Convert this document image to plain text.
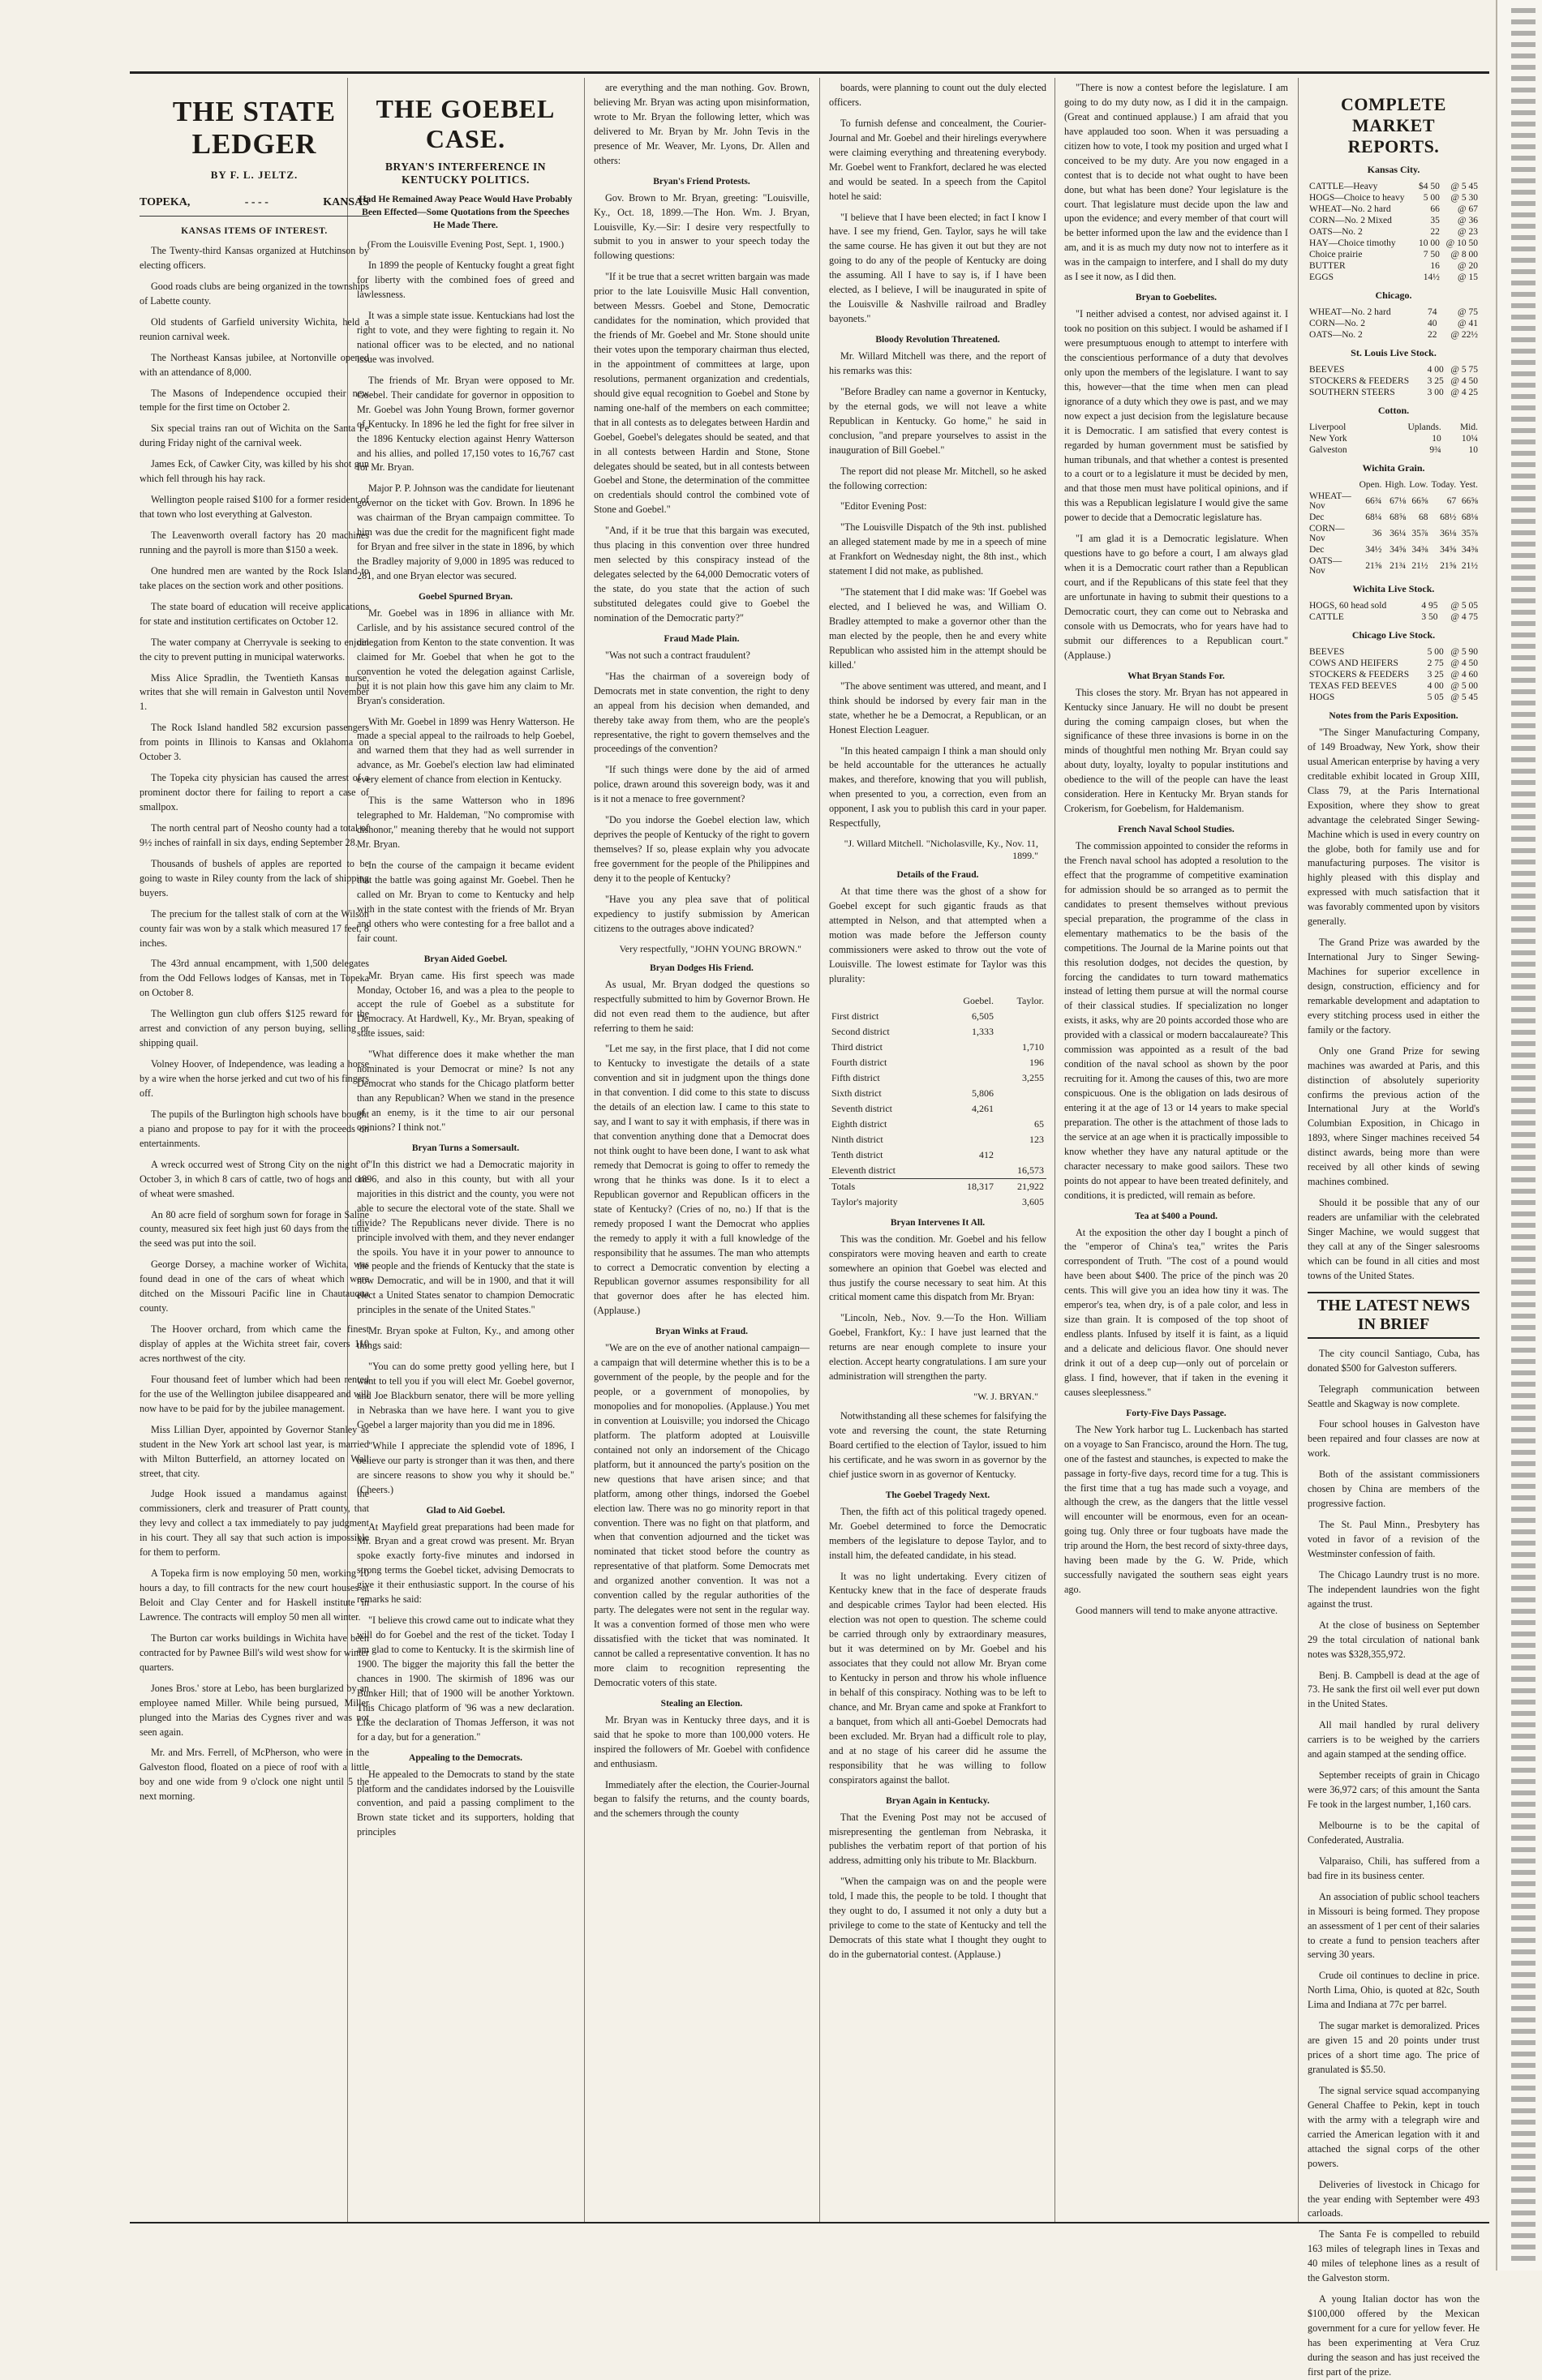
THE STATE LEDGER
BY F. L. JELTZ.
TOPEKA,	- - - -	KANSAS
KANSAS ITEMS OF INTEREST.

The Twenty-third Kansas organized at Hutchinson by electing officers.

Good roads clubs are being organized in the townships of Labette county.

Old students of Garfield university Wichita, held a reunion carnival week.

The Northeast Kansas jubilee, at Nortonville opened with an attendance of 8,000.

The Masons of Independence occupied their new temple for the first time on October 2.

Six special trains ran out of Wichita on the Santa Fe during Friday night of the carnival week.

James Eck, of Cawker City, was killed by his shot gun which fell through his hay rack.

Wellington people raised $100 for a former resident of that town who lost everything at Galveston.

The Leavenworth overall factory has 20 machines running and the payroll is more than $150 a week.

One hundred men are wanted by the Rock Island to take places on the section work and other positions.

The state board of education will receive applications for state and institution certificates on October 12.

The water company at Cherryvale is seeking to enjoin the city to prevent putting in municipal waterworks.

Miss Alice Spradlin, the Twentieth Kansas nurse, writes that she will remain in Galveston until November 1.

The Rock Island handled 582 excursion passengers from points in Illinois to Kansas and Oklahoma on October 3.

The Topeka city physician has caused the arrest of a prominent doctor there for failing to report a case of smallpox.

The north central part of Neosho county had a total of 9½ inches of rainfall in six days, ending September 28.

Thousands of bushels of apples are reported to be going to waste in Riley county from the lack of shipping buyers.

The precium for the tallest stalk of corn at the Wilson county fair was won by a stalk which measured 17 feet, 8 inches.

The 43rd annual encampment, with 1,500 delegates from the Odd Fellows lodges of Kansas, met in Topeka on October 8.

The Wellington gun club offers $125 reward for the arrest and conviction of any person buying, selling or shipping quail.

Volney Hoover, of Independence, was leading a horse by a wire when the horse jerked and cut two of his fingers off.

The pupils of the Burlington high schools have bought a piano and propose to pay for it with the proceeds on entertainments.

A wreck occurred west of Strong City on the night of October 3, in which 8 cars of cattle, two of hogs and one of wheat were smashed.

An 80 acre field of sorghum sown for forage in Saline county, measured six feet high just 60 days from the time the seed was put into the soil.

George Dorsey, a machine worker of Wichita, was found dead in one of the cars of wheat which were ditched on the Missouri Pacific line in Chautauqua county.

The Hoover orchard, from which came the finest display of apples at the Wichita street fair, covers 110 acres northwest of the city.

Four thousand feet of lumber which had been rented for the use of the Wellington jubilee disappeared and will now have to be paid for by the jubilee management.

Miss Lillian Dyer, appointed by Governor Stanley as student in the New York art school last year, is married with Milton Butterfield, an attorney located on Wall street, that city.

Judge Hook issued a mandamus against the commissioners, clerk and treasurer of Pratt county, that they levy and collect a tax immediately to pay judgment in his court. They all say that such action is impossible for them to perform.

A Topeka firm is now employing 50 men, working 10 hours a day, to fill contracts for the new court houses at Beloit and Clay Center and for Haskell institute in Lawrence. The contracts will employ 50 men all winter.

The Burton car works buildings in Wichita have been contracted for by Pawnee Bill's wild west show for winter quarters.

Jones Bros.' store at Lebo, has been burglarized by an employee named Miller. While being pursued, Miller plunged into the Marias des Cygnes river and was not seen again.

Mr. and Mrs. Ferrell, of McPherson, who were in the Galveston flood, floated on a piece of roof with a little boy and one wide from 9 o'clock one night until 5 the next morning.

THE GOEBEL CASE.
BRYAN'S INTERFERENCE IN KENTUCKY POLITICS.
Had He Remained Away Peace Would Have Probably Been Effected—Some Quotations from the Speeches He Made There.
(From the Louisville Evening Post, Sept. 1, 1900.)

In 1899 the people of Kentucky fought a great fight for liberty with the combined foes of greed and lawlessness.

It was a simple state issue. Kentuckians had lost the right to vote, and they were fighting to regain it. No national officer was to be elected, and no national issue was involved.

The friends of Mr. Bryan were opposed to Mr. Goebel. Their candidate for governor in opposition to Mr. Goebel was John Young Brown, former governor of Kentucky. In 1896 he led the fight for free silver in the 1896 Kentucky election against Henry Watterson and his allies, and polled 17,150 votes to 16,767 cast for Mr. Bryan.

Major P. P. Johnson was the candidate for lieutenant governor on the ticket with Gov. Brown. In 1896 he was chairman of the Bryan campaign committee. To him was due the credit for the magnificent fight made for Bryan and free silver in the state in 1896, by which the Bradley majority of 9,000 in 1895 was reduced to 281, and one Bryan elector was secured.

Goebel Spurned Bryan.

Mr. Goebel was in 1896 in alliance with Mr. Carlisle, and by his assistance secured control of the delegation from Kenton to the state convention. It was claimed for Mr. Goebel that when he got to the convention he voted the delegation against Carlisle, but it is not plain how this gave him any claim to Mr. Bryan's consideration.

With Mr. Goebel in 1899 was Henry Watterson. He made a special appeal to the railroads to help Goebel, and warned them that they had as well surrender in advance, as Mr. Goebel's election law had eliminated every element of chance from election in Kentucky.

This is the same Watterson who in 1896 telegraphed to Mr. Haldeman, "No compromise with dishonor," meaning thereby that he would not support Mr. Bryan.

In the course of the campaign it became evident that the battle was going against Mr. Goebel. Then he called on Mr. Bryan to come to Kentucky and help with in the state contest with the friends of Mr. Bryan and others who were contesting for a free ballot and a fair count.

Bryan Aided Goebel.

Mr. Bryan came. His first speech was made Monday, October 16, and was a plea to the people to accept the rule of Goebel as a substitute for Democracy. At Hardwell, Ky., Mr. Bryan, speaking of state issues, said:

"What difference does it make whether the man nominated is your Democrat or mine? Is not any Democrat who stands for the Chicago platform better than any Republican? When we stand in the presence of an enemy, is it the time to air our personal opinions? I think not."

Bryan Turns a Somersault.

"In this district we had a Democratic majority in 1896, and also in this county, but with all your majorities in this district and the county, you were not able to secure the electoral vote of the state. Shall we divide? The Republicans never divide. There is no principle involved with them, and they never endanger the spoils. You have it in your power to announce to the people and the friends of Kentucky that the state is now Democratic, and will be in 1900, and that it will elect a United States senator to champion Democratic principles in the senate of the United States."

Mr. Bryan spoke at Fulton, Ky., and among other things said:

"You can do some pretty good yelling here, but I want to tell you if you will elect Mr. Goebel governor, and Joe Blackburn senator, there will be more yelling in Nebraska than we have here. I want you to give Goebel a larger majority than you did me in 1896.

"While I appreciate the splendid vote of 1896, I believe our party is stronger than it was then, and there are sincere reasons to show you why it should be." (Cheers.)

Glad to Aid Goebel.

At Mayfield great preparations had been made for Mr. Bryan and a great crowd was present. Mr. Bryan spoke exactly forty-five minutes and indorsed in strong terms the Goebel ticket, advising Democrats to give it their enthusiastic support. In the course of his remarks he said:

"I believe this crowd came out to indicate what they will do for Goebel and the rest of the ticket. Today I am glad to come to Kentucky. It is the skirmish line of 1900. The bigger the majority this fall the better the chances in 1900. The skirmish of 1896 was our Bunker Hill; that of 1900 will be another Yorktown. This Chicago platform of '96 was a new declaration. Like the declaration of Thomas Jefferson, it was not for a day, but for a generation."

Appealing to the Democrats.

He appealed to the Democrats to stand by the state platform and the candidates indorsed by the Louisville convention, and paid a passing compliment to the Brown state ticket and its supporters, holding that principles

are everything and the man nothing. Gov. Brown, believing Mr. Bryan was acting upon misinformation, wrote to Mr. Bryan the following letter, which was delivered to Mr. Bryan by Mr. John Tevis in the presence of Mr. Weaver, Mr. Lyons, Dr. Allen and others:

Bryan's Friend Protests.

Gov. Brown to Mr. Bryan, greeting: "Louisville, Ky., Oct. 18, 1899.—The Hon. Wm. J. Bryan, Louisville, Ky.—Sir: I desire very respectfully to submit to you in answer to your speech today the following questions:

"If it be true that a secret written bargain was made prior to the late Louisville Music Hall convention, between Messrs. Goebel and Stone, Democratic candidates for the nomination, which provided that the friends of Mr. Goebel and Mr. Stone should unite their votes upon the temporary chairman thus elected, in the appointment of committees at large, upon resolutions, permanent organization and credentials, should give equal recognition to Goebel and Stone by naming one-half of the members on each committee; that in all contests as to delegates between Hardin and Goebel, Goebel's delegates should be seated, and that in all contests between Hardin and Stone, Stone delegates should be seated, but in all contests between Goebel and Stone, the determination of the committee on credentials should control the combined vote of Stone and Goebel."

"And, if it be true that this bargain was executed, thus placing in this convention over three hundred men selected by this conspiracy instead of the delegates selected by the 64,000 Democratic voters of the state, do you state that the action of such substituted delegates could give to Goebel the nomination of the Democratic party?"

Fraud Made Plain.

"Was not such a contract fraudulent?

"Has the chairman of a sovereign body of Democrats met in state convention, the right to deny an appeal from his decision when demanded, and thereby take away from them, who are the people's representative, the right to govern themselves and the proceedings of the convention?

"If such things were done by the aid of armed police, drawn around this sovereign body, was it and is it not a menace to free government?

"Do you indorse the Goebel election law, which deprives the people of Kentucky of the right to govern themselves? If so, please explain why you advocate free government for the people of the Philippines and deny it to the people of Kentucky?

"Have you any plea save that of political expediency to justify submission by American citizens to the outrages above indicated?

Very respectfully, "JOHN YOUNG BROWN."
Bryan Dodges His Friend.

As usual, Mr. Bryan dodged the questions so respectfully submitted to him by Governor Brown. He did not even read them to the audience, but after referring to them he said:

"Let me say, in the first place, that I did not come to Kentucky to investigate the details of a state convention and sit in judgment upon the things done in that convention. I did come to this state to discuss the details of an election law. I came to this state to say, and I want to say it with emphasis, if there was in that convention anything done that a Democrat does not think ought to have been done, I want to ask what remedy that Democrat is going to offer to remedy the wrong that he thinks was done. Is it to elect a Republican governor and Republican officers in the state of Kentucky? (Cries of no, no.) If that is the remedy proposed I want the Democrat who applies the remedy to apply it with a full knowledge of the responsibility that he assumes. The man who attempts to correct a Democratic convention by electing a Republican governor assumes responsibility for all that governor does after he has elected him. (Applause.)

Bryan Winks at Fraud.

"We are on the eve of another national campaign—a campaign that will determine whether this is to be a government of the people, by the people and for the people, or a government of monopolies, by monopolies and for monopolies. (Applause.) You met in convention at Louisville; you indorsed the Chicago platform. The platform adopted at Louisville contained not only an indorsement of the Chicago platform, but it announced the party's position on the new questions that have arisen since; and that platform, among other things, indorsed the Goebel election law. There was no go minority report in that convention. There was no fight on that platform, and when that convention adjourned and the ticket was nominated that ticket stood before the country as representative of that platform. Some Democrats met and organized another convention. It was not a convention called by the regular authorities of the party. The delegates were not sent in the regular way. It was a convention formed of those men who were dissatisfied with the ticket that was nominated. It cannot be called a representative convention. It has no more claim to recognition representing the Democratic voters of this state.

Stealing an Election.

Mr. Bryan was in Kentucky three days, and it is said that he spoke to more than 100,000 voters. He inspired the followers of Mr. Goebel with confidence and enthusiasm.

Immediately after the election, the Courier-Journal began to falsify the returns, and the county boards, and the schemers through the county

boards, were planning to count out the duly elected officers.

To furnish defense and concealment, the Courier-Journal and Mr. Goebel and their hirelings everywhere were claiming everything and threatening everybody. Mr. Goebel went to Frankfort, declared he was elected and would be seated. In a speech from the Capitol hotel he said:

"I believe that I have been elected; in fact I know I have. I see my friend, Gen. Taylor, says he will take the same course. He has given it out but they are not going to do any of the people of Kentucky are doing the assuming. All I have to say is, if I have been elected, as I believe, I will be inaugurated in spite of the Louisville & Nashville railroad and Bradley bayonets."

Bloody Revolution Threatened.

Mr. Willard Mitchell was there, and the report of his remarks was this:

"Before Bradley can name a governor in Kentucky, by the eternal gods, we will not leave a white Republican in Kentucky. Go home," he said in conclusion, "and prepare yourselves to assist in the inauguration of Bill Goebel."

The report did not please Mr. Mitchell, so he asked the following correction:

"Editor Evening Post:

"The Louisville Dispatch of the 9th inst. published an alleged statement made by me in a speech of mine at Frankfort on Wednesday night, the 8th inst., which statement I did not make, as published.

"The statement that I did make was: 'If Goebel was elected, and I believed he was, and William O. Bradley attempted to make a governor other than the man elected by the people, then he and every white Republican who assisted him in the attempt should be killed.'

"The above sentiment was uttered, and meant, and I think should be indorsed by every fair man in the state, whether he be a Democrat, a Republican, or an Honest Election Leaguer.

"In this heated campaign I think a man should only be held accountable for the utterances he actually makes, and therefore, knowing that you will publish, when presented to you, a correction, even from an opponent, I ask you to publish this card in your paper. Respectfully,

"J. Willard Mitchell. "Nicholasville, Ky., Nov. 11, 1899."
Details of the Fraud.

At that time there was the ghost of a show for Goebel except for such gigantic frauds as that attempted in Nelson, and that attempted when a motion was made before the Jefferson county commissioners were asked to throw out the vote of Louisville. The lowest estimate for Taylor was this plurality:

	Goebel.	Taylor.
First district	6,505	
Second district	1,333	
Third district		1,710
Fourth district		196
Fifth district		3,255
Sixth district	5,806	
Seventh district	4,261	
Eighth district		65
Ninth district		123
Tenth district	412	
Eleventh district		16,573
Totals	18,317	21,922
Taylor's majority		3,605
Bryan Intervenes It All.

This was the condition. Mr. Goebel and his fellow conspirators were moving heaven and earth to create somewhere an opinion that Goebel was elected and thus justify the course necessary to seat him. At this critical moment came this dispatch from Mr. Bryan:

"Lincoln, Neb., Nov. 9.—To the Hon. William Goebel, Frankfort, Ky.: I have just learned that the returns are near enough complete to insure your election. Accept hearty congratulations. I am sure your administration will strengthen the party.

"W. J. BRYAN."

Notwithstanding all these schemes for falsifying the vote and reversing the count, the state Returning Board certified to the election of Taylor, issued to him his certificate, and he was sworn in as governor by the chief justice sworn in as governor of Kentucky.

The Goebel Tragedy Next.

Then, the fifth act of this political tragedy opened. Mr. Goebel determined to force the Democratic members of the legislature to depose Taylor, and to install him, the defeated candidate, in his stead.

It was no light undertaking. Every citizen of Kentucky knew that in the face of desperate frauds and despicable crimes Taylor had been elected. His election was not open to question. The scheme could be carried through only by extraordinary measures, but it was determined on by Mr. Goebel and his associates that they could not allow Mr. Bryan come to Kentucky in person and throw his whole influence in behalf of this conspiracy. Nothing was to be left to chance, and Mr. Bryan came and spoke at Frankfort to a banquet, from which all anti-Goebel Democrats had been excluded. Mr. Bryan had a difficult role to play, and at no stage of his career did he assume the responsibility that he was willing to follow conspirators against the ballot.

Bryan Again in Kentucky.

That the Evening Post may not be accused of misrepresenting the gentleman from Nebraska, it publishes the verbatim report of that portion of his address, admitting only his tribute to Mr. Blackburn.

"When the campaign was on and the people were told, I made this, the people to be told. I thought that they ought to do, I assumed it not only a duty but a privilege to come to the state of Kentucky and tell the Democrats of this state what I thought they ought to do in the gubernatorial contest. (Applause.)

"There is now a contest before the legislature. I am going to do my duty now, as I did it in the campaign. (Great and continued applause.) I am afraid that you have applauded too soon. When it was persuading a citizen how to vote, I took my position and urged what I conceived to be my duty. Are you now engaged in a contest that is to decide not what ought to have been done, but what has been done? Your legislature is the court. That legislature must decide upon the law and upon the evidence; and every member of that court will be better informed upon the law and the evidence than I am, and it is as much my duty now not to interfere as it was in the campaign to interfere, and I shall do my duty as I see it now, as I did then.

Bryan to Goebelites.

"I neither advised a contest, nor advised against it. I took no position on this subject. I would be ashamed if I were presumptuous enough to attempt to interfere with the conscientious performance of a duty that devolves only upon the members of the legislature. I want to say this, however—that the time when men can plead ignorance of a duty which they owe is past, and we may now expect a just decision from the legislature because it is Democratic. I am satisfied that every contest is regarded by human government must be satisfied by human tribunals, and that whether a contest is presented to a court or to a legislature it must be decided by men, and that those men must have political opinions, and if this was a Republican legislature I would give the same power to decide that a Democratic legislature has.

"I am glad it is a Democratic legislature. When questions have to go before a court, I am always glad when it is a Democratic court rather than a Republican court, and if the Republicans of this state feel that they are unfortunate in having to submit their questions to a Democratic court, they can come out to Nebraska and console with us Democrats, who for years have had to submit our differences to a Republican court." (Applause.)

What Bryan Stands For.

This closes the story. Mr. Bryan has not appeared in Kentucky since January. He will no doubt be present during the coming campaign closes, but when the significance of these three invasions is borne in on the minds of thoughtful men nothing Mr. Bryan could say about duty, loyalty, loyalty to popular institutions and obedience to the will of the people can have the least consideration. Here in Kentucky Mr. Bryan stands for Crokerism, for Goebelism, for Haldemanism.

French Naval School Studies.

The commission appointed to consider the reforms in the French naval school has adopted a resolution to the effect that the programme of competitive examination for admission should be so arranged as to permit the candidates to present themselves without previous special preparation, the programme of the class in elementary mathematics to be the basis of the competitions. The Journal de la Marine points out that this resolution dodges, not decides the question, by forcing the candidates to turn toward mathematics instead of letting them pursue at will the normal course of their classical studies. If specialization no longer exists, it asks, why are 20 points accorded those who are provided with a classical or modern baccalaureate? This commission was appointed as a result of the bad condition of the naval school as shown by the poor recruiting for it. Among the causes of this, two are more conspicuous. One is the obligation on lads desirous of entering it at the age of 13 or 14 years to make special preparation. The other is the attachment of those lads to the service at an age when it is practically impossible to know whether they have any natural aptitude or the character necessary to make good sailors. These two points do not appear to have been treated definitely, and conditions, it is predicted, will remain as before.

Tea at $400 a Pound.

At the exposition the other day I bought a pinch of the "emperor of China's tea," writes the Paris correspondent of Truth. "The cost of a pound would have been about $400. The price of the pinch was 20 cents. This will give you an idea how tiny it was. The emperor's tea, when dry, is of a pale color, and less in size than grain. It is composed of the top shoot of endless plants. Infused by itself it is faint, as a liquid and a delicate and delicious flavor. One should never drink it out of a deep cup—only out of porcelain or glass. I find, however, that if taken in the evening it causes sleeplessness."

Forty-Five Days Passage.

The New York harbor tug L. Luckenbach has started on a voyage to San Francisco, around the Horn. The tug, one of the fastest and staunches, is expected to make the passage in forty-five days, record time for a tug. This is the first time that a tug has made such a voyage, and although the crew, as the dangers that the little vessel will encounter will be enormous, even for an ocean-going tug. Only three or four tugboats have made the trip around the Horn, the best record of sixty-three days, having been made by the G. W. Pride, which successfully navigated the southern seas eight years ago.

Good manners will tend to make anyone attractive.

COMPLETE MARKET REPORTS.
Kansas City.
CATTLE—Heavy	$4 50	@ 5 45
HOGS—Choice to heavy	5 00	@ 5 30
WHEAT—No. 2 hard	66	@ 67
CORN—No. 2 Mixed	35	@ 36
OATS—No. 2	22	@ 23
HAY—Choice timothy	10 00	@ 10 50
Choice prairie	7 50	@ 8 00
BUTTER	16	@ 20
EGGS	14½	@ 15
Chicago.
WHEAT—No. 2 hard	74	@ 75
CORN—No. 2	40	@ 41
OATS—No. 2	22	@ 22½
St. Louis Live Stock.
BEEVES	4 00	@ 5 75
STOCKERS & FEEDERS	3 25	@ 4 50
SOUTHERN STEERS	3 00	@ 4 25
Cotton.
Liverpool	Uplands.	Mid.
New York	10	10¼
Galveston	9¾	10
Wichita Grain.
	Open.	High.	Low.	Today.	Yest.
WHEAT—Nov	66¾	67⅛	66⅝	67	66⅝
Dec	68¼	68⅝	68	68½	68⅛
CORN—Nov	36	36¼	35⅞	36⅛	35⅞
Dec	34½	34⅝	34⅜	34⅝	34⅜
OATS—Nov	21⅝	21¾	21½	21⅝	21½
Wichita Live Stock.
HOGS, 60 head sold	4 95	@ 5 05
CATTLE	3 50	@ 4 75
Chicago Live Stock.
BEEVES	5 00	@ 5 90
COWS AND HEIFERS	2 75	@ 4 50
STOCKERS & FEEDERS	3 25	@ 4 60
TEXAS FED BEEVES	4 00	@ 5 00
HOGS	5 05	@ 5 45
Notes from the Paris Exposition.

"The Singer Manufacturing Company, of 149 Broadway, New York, show their usual American enterprise by having a very creditable exhibit located in Group XIII, Class 79, at the Paris International Exposition, where they show to great advantage the celebrated Singer Sewing-Machine which is used in every country on the globe, both for family use and for manufacturing purposes. The visitor is highly pleased with this display and expressed with much satisfaction that it was favorably commented upon by visitors generally.

The Grand Prize was awarded by the International Jury to Singer Sewing-Machines for superior excellence in design, construction, efficiency and for remarkable development and adaptation to every stitching process used in either the family or the factory.

Only one Grand Prize for sewing machines was awarded at Paris, and this distinction of absolutely superiority confirms the previous action of the International Jury at the World's Columbian Exposition, in Chicago in 1893, where Singer machines received 54 distinct awards, being more than were received by all other kinds of sewing machines combined.

Should it be possible that any of our readers are unfamiliar with the celebrated Singer Machine, we would suggest that they call at any of the Singer salesrooms which can be found in all cities and most towns of the United States.

THE LATEST NEWS IN BRIEF

The city council Santiago, Cuba, has donated $500 for Galveston sufferers.

Telegraph communication between Seattle and Skagway is now complete.

Four school houses in Galveston have been repaired and four classes are now at work.

Both of the assistant commissioners chosen by China are members of the progressive faction.

The St. Paul Minn., Presbytery has voted in favor of a revision of the Westminster confession of faith.

The Chicago Laundry trust is no more. The independent laundries won the fight against the trust.

At the close of business on September 29 the total circulation of national bank notes was $328,355,972.

Benj. B. Campbell is dead at the age of 73. He sank the first oil well ever put down in the United States.

All mail handled by rural delivery carriers is to be weighed by the carriers and again stamped at the sending office.

September receipts of grain in Chicago were 36,972 cars; of this amount the Santa Fe took in the largest number, 1,160 cars.

Melbourne is to be the capital of Confederated, Australia.

Valparaiso, Chili, has suffered from a bad fire in its business center.

An association of public school teachers in Missouri is being formed. They propose an assessment of 1 per cent of their salaries to create a fund to pension teachers after serving 30 years.

Crude oil continues to decline in price. North Lima, Ohio, is quoted at 82c, South Lima and Indiana at 77c per barrel.

The sugar market is demoralized. Prices are given 15 and 20 points under trust prices of a short time ago. The price of granulated is $5.50.

The signal service squad accompanying General Chaffee to Pekin, kept in touch with the army with a telegraph wire and carried the American legation with it and attached the signal corps of the other powers.

Deliveries of livestock in Chicago for the year ending with September were 493 carloads.

The Santa Fe is compelled to rebuild 163 miles of telegraph lines in Texas and 40 miles of telephone lines as a result of the Galveston storm.

A young Italian doctor has won the $100,000 offered by the Mexican government for a cure for yellow fever. He has been experimenting at Vera Cruz during the season and has just received the first part of the prize.
